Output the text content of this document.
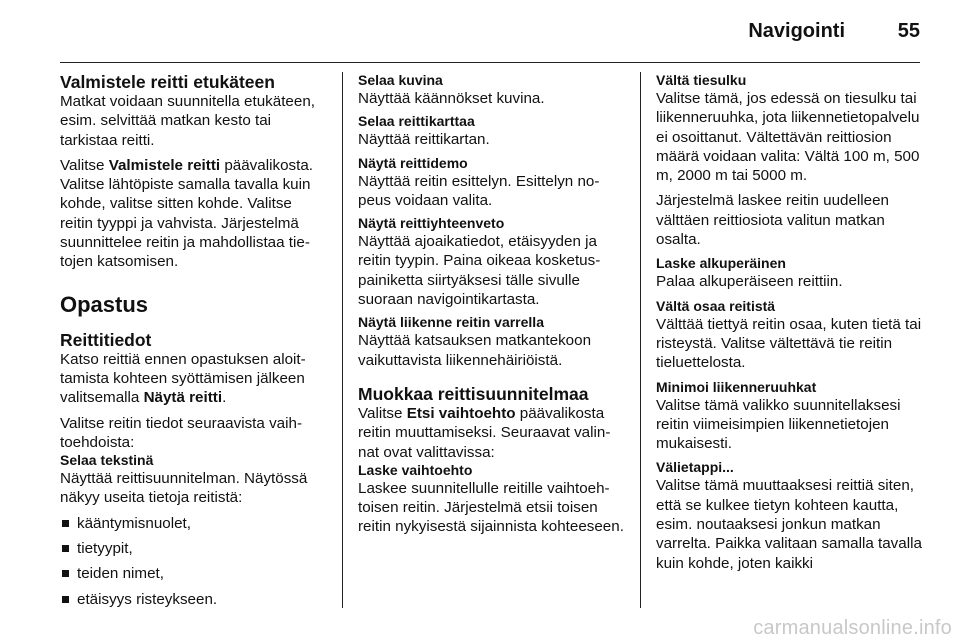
Navigointi	55
Valmistele reitti etukäteen

Matkat voidaan suunnitella etukäteen, esim. selvittää matkan kesto tai tarkistaa reitti.

Valitse Valmistele reitti päävalikosta. Valitse lähtöpiste samalla tavalla kuin kohde, valitse sitten kohde. Valitse reitin tyyppi ja vahvista. Järjestelmä suunnittelee reitin ja mahdollistaa tietojen katsomisen.

Opastus
Reittitiedot

Katso reittiä ennen opastuksen aloittamista kohteen syöttämisen jälkeen valitsemalla Näytä reitti.

Valitse reitin tiedot seuraavista vaihtoehdoista:

Selaa tekstinä

Näyttää reittisuunnitelman. Näytössä näkyy useita tietoja reitistä:

kääntymisnuolet,
tietyypit,
teiden nimet,
etäisyys risteykseen.
Selaa kuvina
Näyttää käännökset kuvina.
Selaa reittikarttaa
Näyttää reittikartan.
Näytä reittidemo
Näyttää reitin esittelyn. Esittelyn nopeus voidaan valita.
Näytä reittiyhteenveto
Näyttää ajoaikatiedot, etäisyyden ja reitin tyypin. Paina oikeaa kosketuspainiketta siirtyäksesi tälle sivulle suoraan navigointikartasta.
Näytä liikenne reitin varrella
Näyttää katsauksen matkantekoon vaikuttavista liikennehäiriöistä.
Muokkaa reittisuunnitelmaa

Valitse Etsi vaihtoehto päävalikosta reitin muuttamiseksi. Seuraavat valinnat ovat valittavissa:

Laske vaihtoehto
Laskee suunnitellulle reitille vaihtoehtoisen reitin. Järjestelmä etsii toisen reitin nykyisestä sijainnista kohteeseen.
Vältä tiesulku

Valitse tämä, jos edessä on tiesulku tai liikenneruuhka, jota liikennetietopalvelu ei osoittanut. Vältettävän reittiosion määrä voidaan valita: Vältä 100 m, 500 m, 2000 m tai 5000 m.

Järjestelmä laskee reitin uudelleen välttäen reittiosiota valitun matkan osalta.

Laske alkuperäinen

Palaa alkuperäiseen reittiin.

Vältä osaa reitistä

Välttää tiettyä reitin osaa, kuten tietä tai risteystä. Valitse vältettävä tie reitin tieluettelosta.

Minimoi liikenneruuhkat

Valitse tämä valikko suunnitellaksesi reitin viimeisimpien liikennetietojen mukaisesti.

Välietappi...

Valitse tämä muuttaaksesi reittiä siten, että se kulkee tietyn kohteen kautta, esim. noutaaksesi jonkun matkan varrelta. Paikka valitaan samalla tavalla kuin kohde, joten kaikki

carmanualsonline.info
